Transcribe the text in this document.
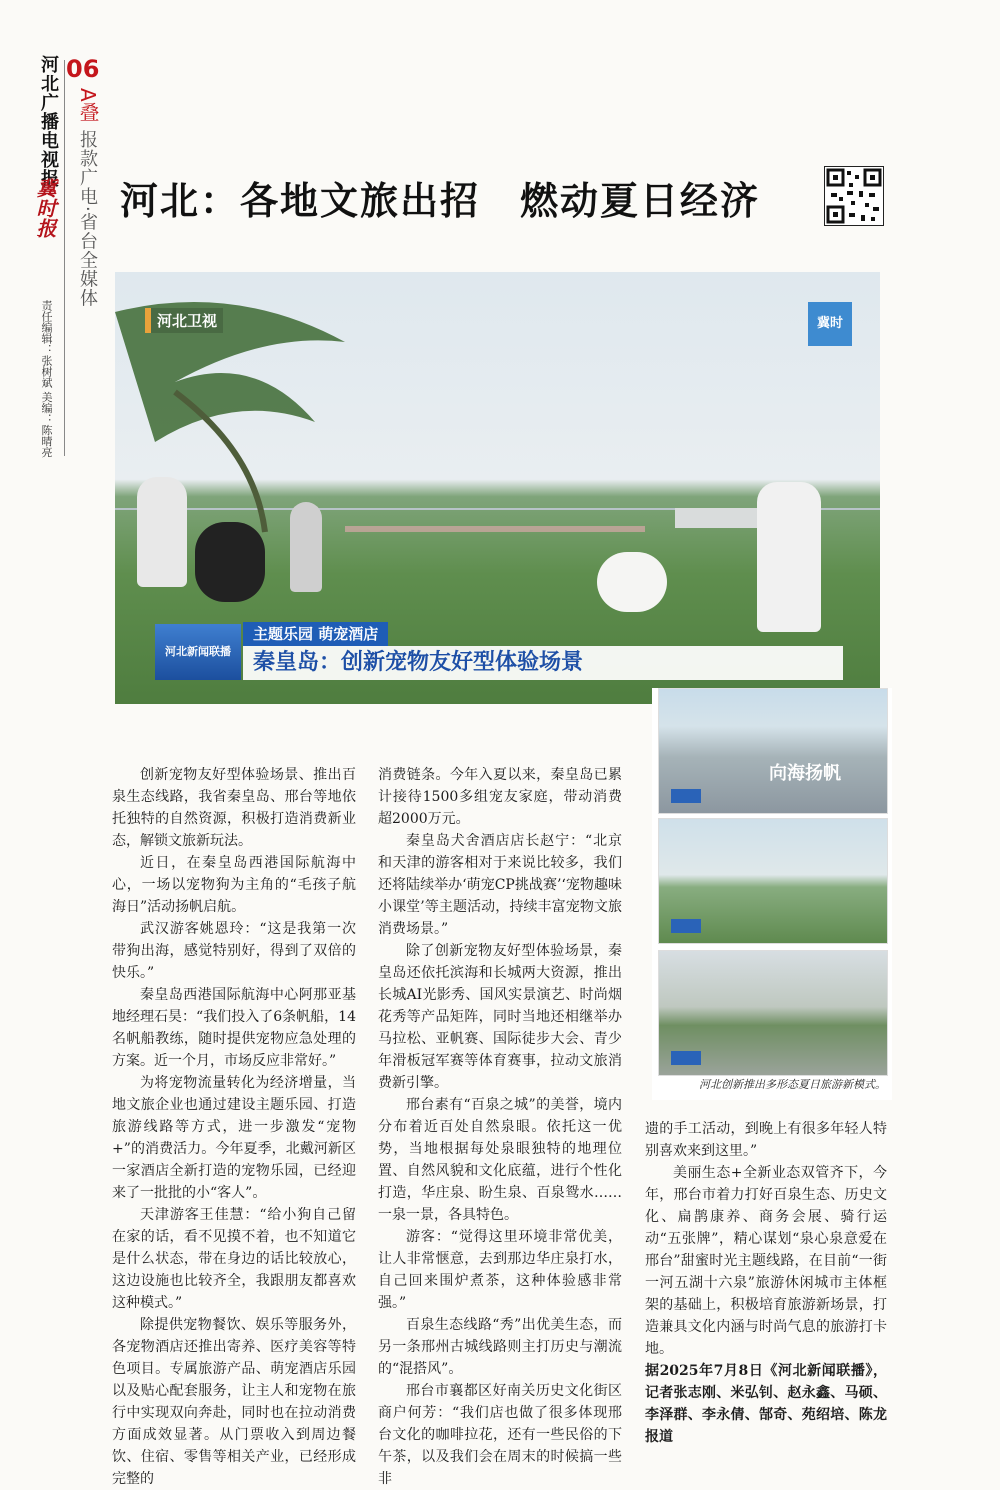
河北广播电视报
冀时报
06
A叠
报款广电·省台全媒体
责任编辑：张树斌 美编：陈晴亮
河北：各地文旅出招　燃动夏日经济
河北卫视	冀时
河北新闻联播
主题乐园 萌宠酒店
秦皇岛：创新宠物友好型体验场景
向海扬帆
河北创新推出多形态夏日旅游新模式。

创新宠物友好型体验场景、推出百泉生态线路，我省秦皇岛、邢台等地依托独特的自然资源，积极打造消费新业态，解锁文旅新玩法。

近日，在秦皇岛西港国际航海中心，一场以宠物狗为主角的“毛孩子航海日”活动扬帆启航。

武汉游客姚恩玲：“这是我第一次带狗出海，感觉特别好，得到了双倍的快乐。”

秦皇岛西港国际航海中心阿那亚基地经理石昊：“我们投入了6条帆船，14名帆船教练，随时提供宠物应急处理的方案。近一个月，市场反应非常好。”

为将宠物流量转化为经济增量，当地文旅企业也通过建设主题乐园、打造旅游线路等方式，进一步激发“宠物+”的消费活力。今年夏季，北戴河新区一家酒店全新打造的宠物乐园，已经迎来了一批批的小“客人”。

天津游客王佳慧：“给小狗自己留在家的话，看不见摸不着，也不知道它是什么状态，带在身边的话比较放心，这边设施也比较齐全，我跟朋友都喜欢这种模式。”

除提供宠物餐饮、娱乐等服务外，各宠物酒店还推出寄养、医疗美容等特色项目。专属旅游产品、萌宠酒店乐园以及贴心配套服务，让主人和宠物在旅行中实现双向奔赴，同时也在拉动消费方面成效显著。从门票收入到周边餐饮、住宿、零售等相关产业，已经形成完整的

消费链条。今年入夏以来，秦皇岛已累计接待1500多组宠友家庭，带动消费超2000万元。

秦皇岛犬舍酒店店长赵宁：“北京和天津的游客相对于来说比较多，我们还将陆续举办‘萌宠CP挑战赛’‘宠物趣味小课堂’等主题活动，持续丰富宠物文旅消费场景。”

除了创新宠物友好型体验场景，秦皇岛还依托滨海和长城两大资源，推出长城AI光影秀、国风实景演艺、时尚烟花秀等产品矩阵，同时当地还相继举办马拉松、亚帆赛、国际徒步大会、青少年滑板冠军赛等体育赛事，拉动文旅消费新引擎。

邢台素有“百泉之城”的美誉，境内分布着近百处自然泉眼。依托这一优势，当地根据每处泉眼独特的地理位置、自然风貌和文化底蕴，进行个性化打造，华庄泉、盼生泉、百泉鸳水……一泉一景，各具特色。

游客：“觉得这里环境非常优美，让人非常惬意，去到那边华庄泉打水，自己回来围炉煮茶，这种体验感非常强。”

百泉生态线路“秀”出优美生态，而另一条邢州古城线路则主打历史与潮流的“混搭风”。

邢台市襄都区好南关历史文化街区商户何芳：“我们店也做了很多体现邢台文化的咖啡拉花，还有一些民俗的下午茶，以及我们会在周末的时候搞一些非

遗的手工活动，到晚上有很多年轻人特别喜欢来到这里。”

美丽生态+全新业态双管齐下，今年，邢台市着力打好百泉生态、历史文化、扁鹊康养、商务会展、骑行运动“五张牌”，精心谋划“泉心泉意爱在邢台”甜蜜时光主题线路，在目前“一街一河五湖十六泉”旅游休闲城市主体框架的基础上，积极培育旅游新场景，打造兼具文化内涵与时尚气息的旅游打卡地。

据2025年7月8日《河北新闻联播》，记者张志刚、米弘钊、赵永鑫、马硕、李泽群、李永倩、郜奇、苑绍培、陈龙报道
